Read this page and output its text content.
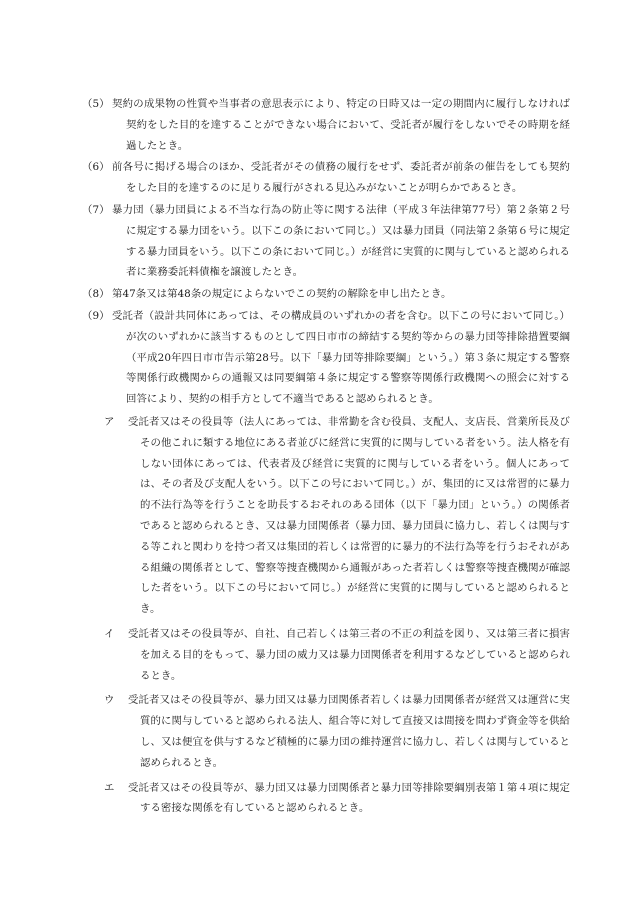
（5） 契約の成果物の性質や当事者の意思表示により、特定の日時又は一定の期間内に履行しなければ契約をした目的を達することができない場合において、受託者が履行をしないでその時期を経過したとき。
（6） 前各号に掲げる場合のほか、受託者がその債務の履行をせず、委託者が前条の催告をしても契約をした目的を達するのに足りる履行がされる見込みがないことが明らかであるとき。
（7） 暴力団（暴力団員による不当な行為の防止等に関する法律（平成３年法律第77号）第２条第２号に規定する暴力団をいう。以下この条において同じ。）又は暴力団員（同法第２条第６号に規定する暴力団員をいう。以下この条において同じ。）が経営に実質的に関与していると認められる者に業務委託料債権を譲渡したとき。
（8） 第47条又は第48条の規定によらないでこの契約の解除を申し出たとき。
（9） 受託者（設計共同体にあっては、その構成員のいずれかの者を含む。以下この号において同じ。）が次のいずれかに該当するものとして四日市市の締結する契約等からの暴力団等排除措置要綱（平成20年四日市市告示第28号。以下「暴力団等排除要綱」という。）第３条に規定する警察等関係行政機関からの通報又は同要綱第４条に規定する警察等関係行政機関への照会に対する回答により、契約の相手方として不適当であると認められるとき。
ア 受託者又はその役員等（法人にあっては、非常勤を含む役員、支配人、支店長、営業所長及びその他これに類する地位にある者並びに経営に実質的に関与している者をいう。法人格を有しない団体にあっては、代表者及び経営に実質的に関与している者をいう。個人にあっては、その者及び支配人をいう。以下この号において同じ。）が、集団的に又は常習的に暴力的不法行為等を行うことを助長するおそれのある団体（以下「暴力団」という。）の関係者であると認められるとき、又は暴力団関係者（暴力団、暴力団員に協力し、若しくは関与する等これと関わりを持つ者又は集団的若しくは常習的に暴力的不法行為等を行うおそれがある組織の関係者として、警察等捜査機関から通報があった者若しくは警察等捜査機関が確認した者をいう。以下この号において同じ。）が経営に実質的に関与していると認められるとき。
イ 受託者又はその役員等が、自社、自己若しくは第三者の不正の利益を図り、又は第三者に損害を加える目的をもって、暴力団の威力又は暴力団関係者を利用するなどしていると認められるとき。
ウ 受託者又はその役員等が、暴力団又は暴力団関係者若しくは暴力団関係者が経営又は運営に実質的に関与していると認められる法人、組合等に対して直接又は間接を問わず資金等を供給し、又は便宜を供与するなど積極的に暴力団の維持運営に協力し、若しくは関与していると認められるとき。
エ 受託者又はその役員等が、暴力団又は暴力団関係者と暴力団等排除要綱別表第１第４項に規定する密接な関係を有していると認められるとき。
